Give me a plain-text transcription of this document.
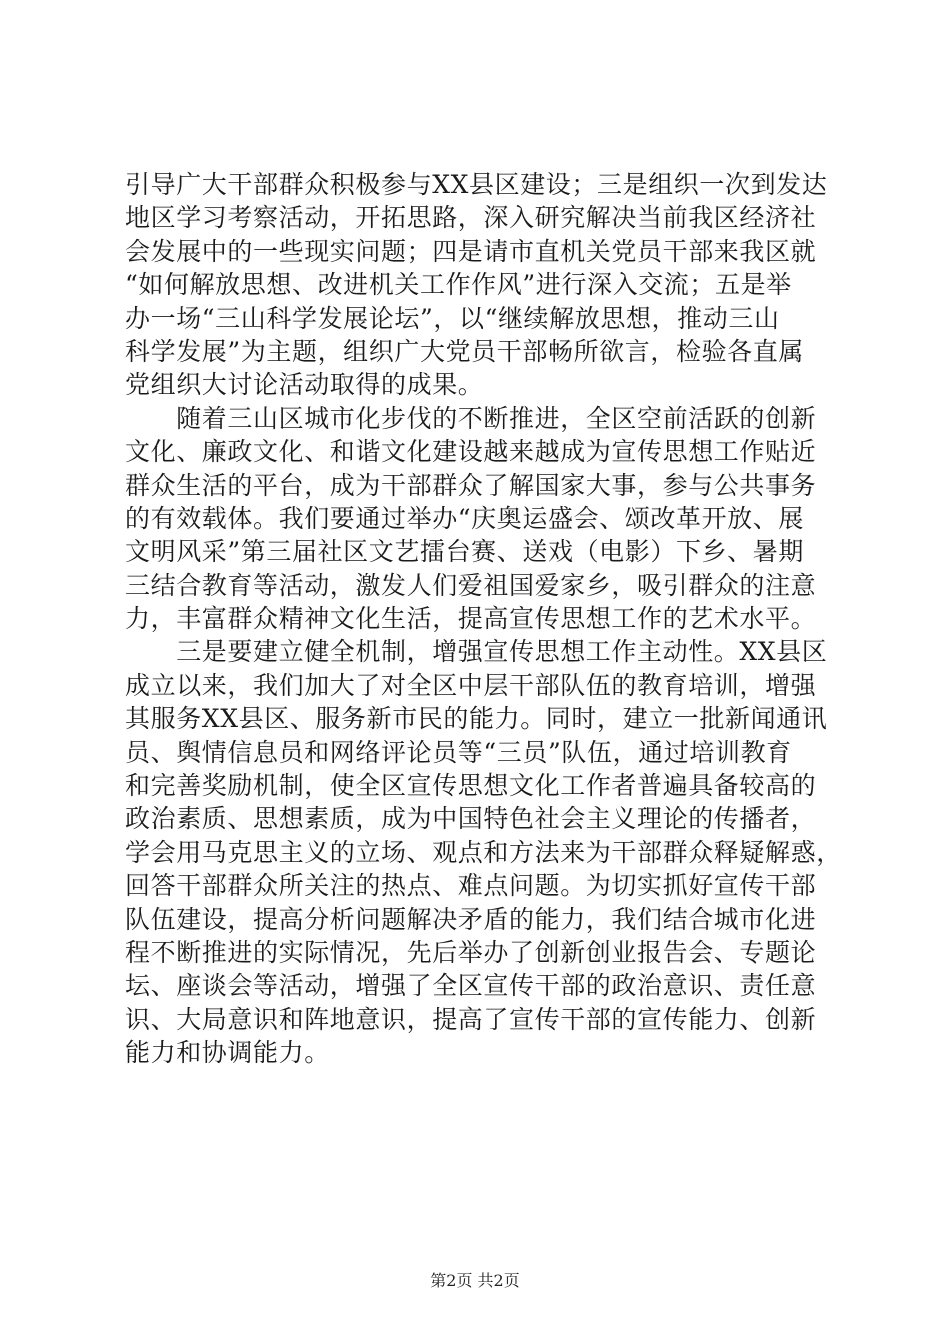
引导广大干部群众积极参与XX县区建设；三是组织一次到发达
地区学习考察活动，开拓思路，深入研究解决当前我区经济社
会发展中的一些现实问题；四是请市直机关党员干部来我区就
“如何解放思想、改进机关工作作风”进行深入交流；五是举
办一场“三山科学发展论坛”，以“继续解放思想，推动三山
科学发展”为主题，组织广大党员干部畅所欲言，检验各直属
党组织大讨论活动取得的成果。
　　随着三山区城市化步伐的不断推进，全区空前活跃的创新
文化、廉政文化、和谐文化建设越来越成为宣传思想工作贴近
群众生活的平台，成为干部群众了解国家大事，参与公共事务
的有效载体。我们要通过举办“庆奥运盛会、颂改革开放、展
文明风采”第三届社区文艺擂台赛、送戏（电影）下乡、暑期
三结合教育等活动，激发人们爱祖国爱家乡，吸引群众的注意
力，丰富群众精神文化生活，提高宣传思想工作的艺术水平。
　　三是要建立健全机制，增强宣传思想工作主动性。XX县区
成立以来，我们加大了对全区中层干部队伍的教育培训，增强
其服务XX县区、服务新市民的能力。同时，建立一批新闻通讯
员、舆情信息员和网络评论员等“三员”队伍，通过培训教育
和完善奖励机制，使全区宣传思想文化工作者普遍具备较高的
政治素质、思想素质，成为中国特色社会主义理论的传播者，
学会用马克思主义的立场、观点和方法来为干部群众释疑解惑，
回答干部群众所关注的热点、难点问题。为切实抓好宣传干部
队伍建设，提高分析问题解决矛盾的能力，我们结合城市化进
程不断推进的实际情况，先后举办了创新创业报告会、专题论
坛、座谈会等活动，增强了全区宣传干部的政治意识、责任意
识、大局意识和阵地意识，提高了宣传干部的宣传能力、创新
能力和协调能力。
第2页 共2页
